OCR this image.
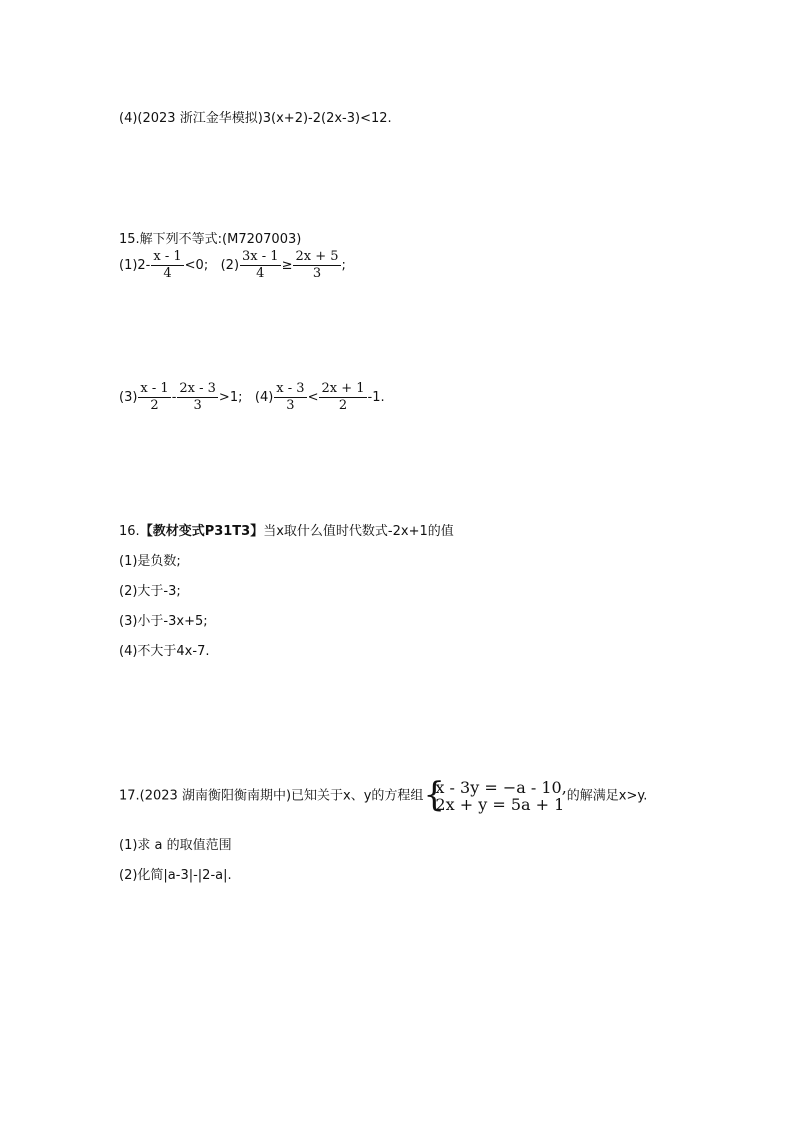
(4)(2023 浙江金华模拟)3(x+2)-2(2x-3)<12.
15.解下列不等式:(M7207003)
$(1)2- \frac{x - 1}{4} <0$; $(2) \frac{3x - 1}{4} \ge \frac{2x + 5}{3}$ ;
$(3) \frac{x - 1}{2} - \frac{2x - 3}{3} >1$; $(4) \frac{x - 3}{3} < \frac{2x + 1}{2} -1$.
16.【教材变式P31T3】当x取什么值时代数式-2x+1的值
(1)是负数;
(2)大于-3;
(3)小于-3x+5;
(4)不大于4x-7.
17.(2023 湖南衡阳衡南期中)已知关于x、y的方程组 {
x - 3y = −a - 10,
2x + y = 5a + 1 的解满足x>y.
(1)求 a 的取值范围
(2)化简|a-3|-|2-a|.
